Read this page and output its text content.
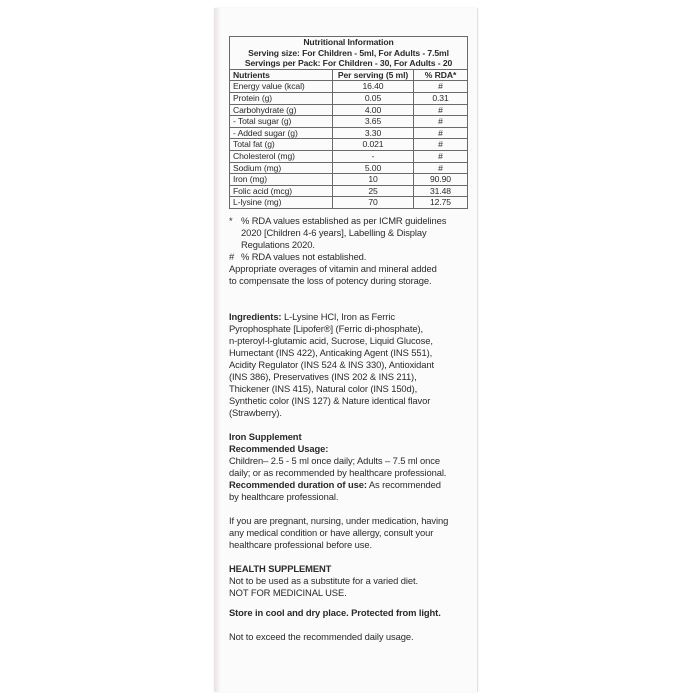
Nutritional Information
Serving size: For Children - 5ml, For Adults - 7.5ml
Servings per Pack: For Children - 30, For Adults - 20		

Nutrients	Per serving (5 ml)	% RDA*
Energy value (kcal)	16.40	#
Protein (g)	0.05	0.31
Carbohydrate (g)	4.00	#
- Total sugar (g)	3.65	#
- Added sugar (g)	3.30	#
Total fat (g)	0.021	#
Cholesterol (mg)	-	#
Sodium (mg)	5.00	#
Iron (mg)	10	90.90
Folic acid (mcg)	25	31.48
L-lysine (mg)	70	12.75
* % RDA values established as per ICMR guidelines
2020 [Children 4-6 years], Labelling & Display
Regulations 2020.
# % RDA values not established.
Appropriate overages of vitamin and mineral added
to compensate the loss of potency during storage.
Ingredients: L-Lysine HCl, Iron as Ferric
Pyrophosphate [Lipofer®] (Ferric di-phosphate),
n-pteroyl-l-glutamic acid, Sucrose, Liquid Glucose,
Humectant (INS 422), Anticaking Agent (INS 551),
Acidity Regulator (INS 524 & INS 330), Antioxidant
(INS 386), Preservatives (INS 202 & INS 211),
Thickener (INS 415), Natural color (INS 150d),
Synthetic color (INS 127) & Nature identical flavor
(Strawberry).
Iron Supplement
Recommended Usage:
Children– 2.5 - 5 ml once daily; Adults – 7.5 ml once
daily; or as recommended by healthcare professional.
Recommended duration of use: As recommended
by healthcare professional.
If you are pregnant, nursing, under medication, having
any medical condition or have allergy, consult your
healthcare professional before use.
HEALTH SUPPLEMENT
Not to be used as a substitute for a varied diet.
NOT FOR MEDICINAL USE.
Store in cool and dry place. Protected from light.
Not to exceed the recommended daily usage.
